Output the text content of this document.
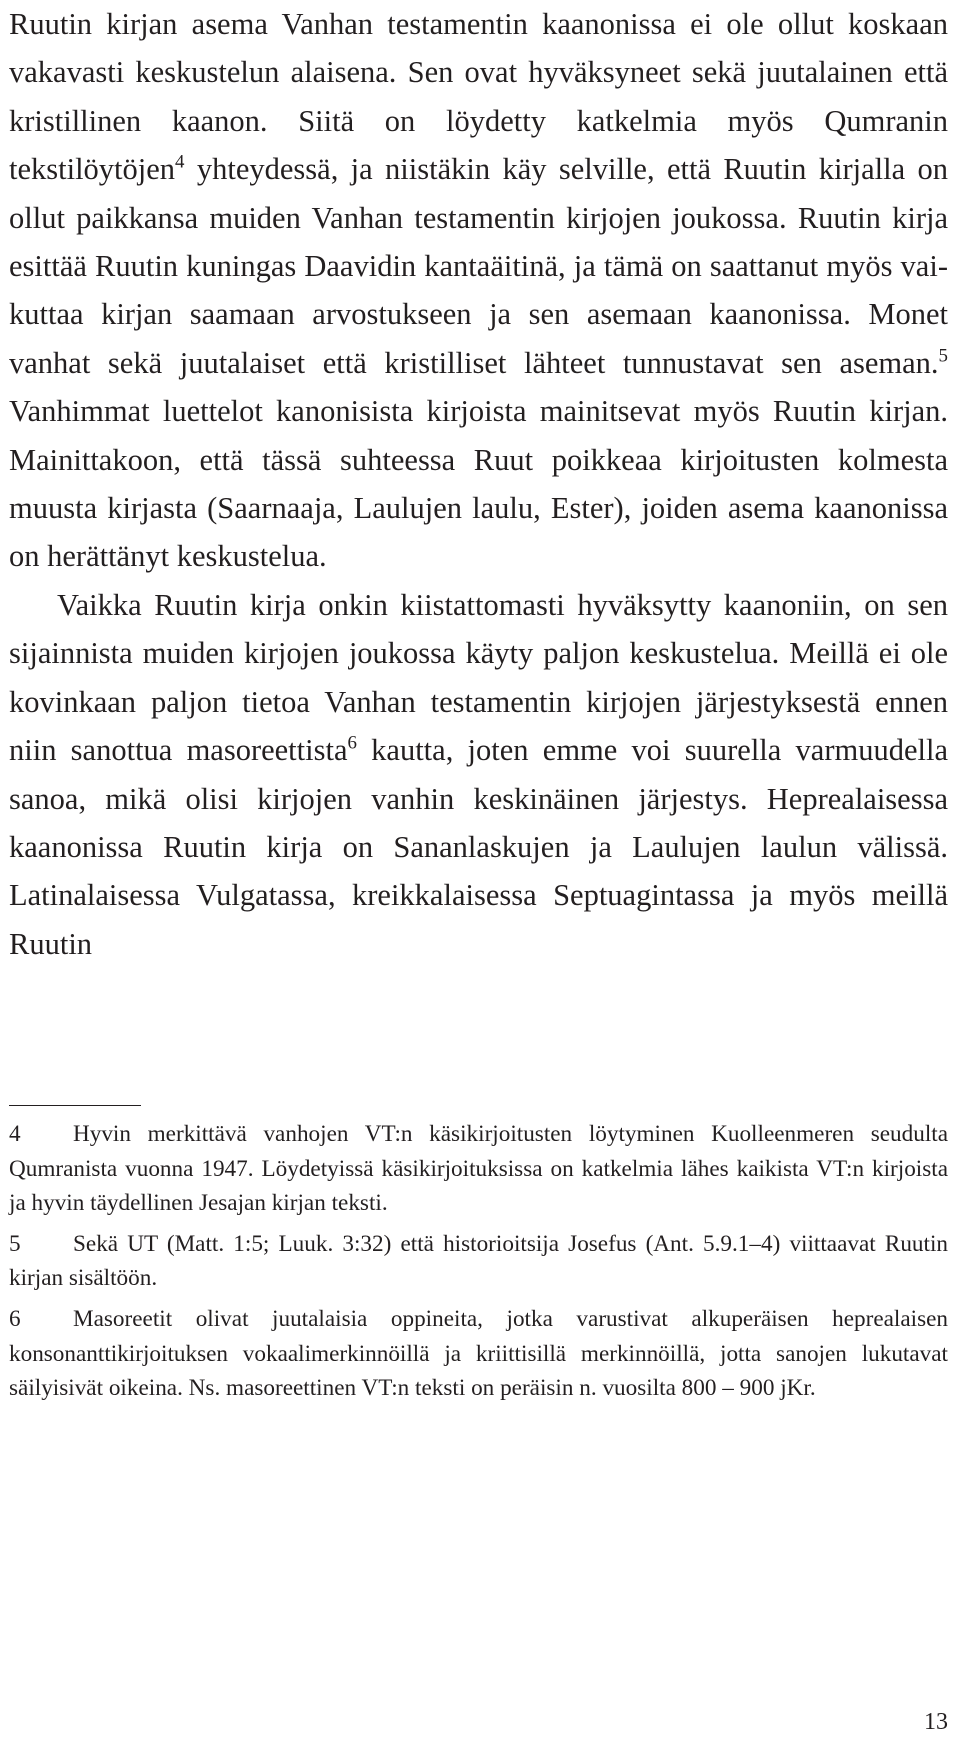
Ruutin kirjan asema Vanhan testamentin kaanonissa ei ole ollut koskaan vakavasti keskustelun alaisena. Sen ovat hyväksyneet sekä juutalainen että kristillinen kaanon. Siitä on löydetty katkelmia myös Qumranin tekstilöytöjen$^4$ yhteydessä, ja niistäkin käy selville, että Ruutin kirjalla on ollut paikkansa muiden Vanhan testamentin kirjojen joukossa. Ruutin kirja esittää Ruutin kuningas Daavidin kantaäitinä, ja tämä on saattanut myös vaikuttaa kirjan saamaan arvostukseen ja sen asemaan kaanonissa. Monet vanhat sekä juutalaiset että kristilliset lähteet tunnustavat sen aseman.$^5$ Vanhimmat luettelot kanonisista kirjoista mainitsevat myös Ruutin kirjan. Mainittakoon, että tässä suhteessa Ruut poikkeaa kirjoitusten kolmesta muusta kirjasta (Saarnaaja, Laulujen laulu, Ester), joiden asema kaanonissa on herättänyt keskustelua.

Vaikka Ruutin kirja onkin kiistattomasti hyväksytty kaanoniin, on sen sijainnista muiden kirjojen joukossa käyty paljon keskustelua. Meillä ei ole kovinkaan paljon tietoa Vanhan testamentin kirjojen järjestyksestä ennen niin sanottua masoreettista$^6$ kautta, joten emme voi suurella varmuudella sanoa, mikä olisi kirjojen vanhin keskinäinen järjestys. Heprealaisessa kaanonissa Ruutin kirja on Sananlaskujen ja Laulujen laulun välissä. Latinalaisessa Vulgatassa, kreikkalaisessa Septuagintassa ja myös meillä Ruutin

4 Hyvin merkittävä vanhojen VT:n käsikirjoitusten löytyminen Kuolleenmeren seudulta Qumranista vuonna 1947. Löydetyissä käsikirjoituksissa on katkelmia lähes kaikista VT:n kirjoista ja hyvin täydellinen Jesajan kirjan teksti.

5 Sekä UT (Matt. 1:5; Luuk. 3:32) että historioitsija Josefus (Ant. 5.9.1–4) viittaavat Ruutin kirjan sisältöön.

6 Masoreetit olivat juutalaisia oppineita, jotka varustivat alkuperäisen heprealaisen konsonanttikirjoituksen vokaalimerkinnöillä ja kriittisillä merkinnöillä, jotta sanojen lukutavat säilyisivät oikeina. Ns. masoreettinen VT:n teksti on peräisin n. vuosilta 800 – 900 jKr.

13
